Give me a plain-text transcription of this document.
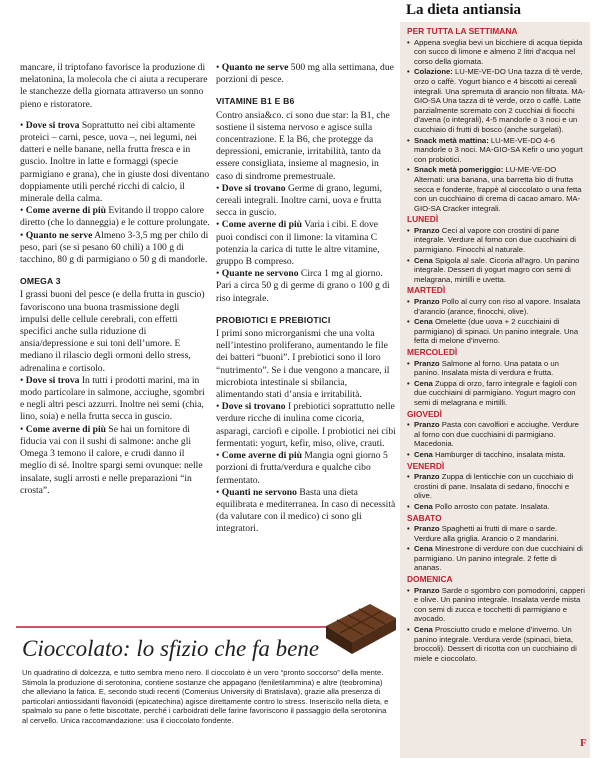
mancare, il triptofano favorisce la produzione di melatonina, la molecola che ci aiuta a recuperare le stanchezze della giornata attraverso un sonno pieno e ristoratore.

• Dove si trova Soprattutto nei cibi altamente proteici – carni, pesce, uova –, nei legumi, nei datteri e nelle banane, nella frutta fresca e in guscio. Inoltre in latte e formaggi (specie parmigiano e grana), che in giuste dosi diventano doppiamente utili perché ricchi di calcio, il minerale della calma.

• Come averne di più Evitando il troppo calore diretto (che lo danneggia) e le cotture prolungate.

• Quanto ne serve Almeno 3-3,5 mg per chilo di peso, pari (se si pesano 60 chili) a 100 g di tacchino, 80 g di parmigiano o 50 g di mandorle.

OMEGA 3

I grassi buoni del pesce (e della frutta in guscio) favoriscono una buona trasmissione degli impulsi delle cellule cerebrali, con effetti specifici anche sulla riduzione di ansia/depressione e sui toni dell’umore. E mediano il rilascio degli ormoni dello stress, adrenalina e cortisolo.

• Dove si trova In tutti i prodotti marini, ma in modo particolare in salmone, acciughe, sgombri e negli altri pesci azzurri. Inoltre nei semi (chia, lino, soia) e nella frutta secca in guscio.

• Come averne di più Se hai un fornitore di fiducia vai con il sushi di salmone: anche gli Omega 3 temono il calore, e crudi danno il meglio di sé. Inoltre spargi semi ovunque: nelle insalate, sugli arrosti e nelle preparazioni “in crosta”.

• Quanto ne serve 500 mg alla settimana, due porzioni di pesce.

VITAMINE B1 E B6

Contro ansia&co. ci sono due star: la B1, che sostiene il sistema nervoso e agisce sulla concentrazione. E la B6, che protegge da depressioni, emicranie, irritabilità, tanto da essere consigliata, insieme al magnesio, in caso di sindrome premestruale.

• Dove si trovano Germe di grano, legumi, cereali integrali. Inoltre carni, uova e frutta secca in guscio.

• Come averne di più Varia i cibi. E dove puoi condisci con il limone: la vitamina C potenzia la carica di tutte le altre vitamine, gruppo B compreso.

• Quante ne servono Circa 1 mg al giorno. Pari a circa 50 g di germe di grano o 100 g di riso integrale.

PROBIOTICI E PREBIOTICI

I primi sono microrganismi che una volta nell’intestino proliferano, aumentando le file dei batteri “buoni”. I prebiotici sono il loro “nutrimento”. Se i due vengono a mancare, il microbiota intestinale si sbilancia, alimentando stati d’ansia e irritabilità.

• Dove si trovano I prebiotici soprattutto nelle verdure ricche di inulina come cicoria, asparagi, carciofi e cipolle. I probiotici nei cibi fermentati: yogurt, kefir, miso, olive, crauti.

• Come averne di più Mangia ogni giorno 5 porzioni di frutta/verdura e qualche cibo fermentato.

• Quanti ne servono Basta una dieta equilibrata e mediterranea. In caso di necessità (da valutare con il medico) ci sono gli integratori.

La dieta antiansia
PER TUTTA LA SETTIMANA
• Appena sveglia bevi un bicchiere di acqua tiepida con succo di limone e almeno 2 litri d’acqua nel corso della giornata.
• Colazione: LU-ME-VE-DO Una tazza di tè verde, orzo o caffè. Yogurt bianco e 4 biscotti ai cereali integrali. Una spremuta di arancio non filtrata. MA-GIO-SA Una tazza di tè verde, orzo o caffè. Latte parzialmente scremato con 2 cucchiai di fiocchi d’avena (o integrali), 4-5 mandorle o 3 noci e un cucchiaio di frutti di bosco (anche surgelati).
• Snack metà mattina: LU-ME-VE-DO 4-6 mandorle o 3 noci. MA-GIO-SA Kefir o uno yogurt con probiotici.
• Snack metà pomeriggio: LU-ME-VE-DO Alternati: una banana, una barretta bio di frutta secca e fondente, frappè al cioccolato o una fetta con un cucchiaino di crema di cacao amaro. MA-GIO-SA Cracker integrali.
LUNEDÌ
• Pranzo Ceci al vapore con crostini di pane integrale. Verdure al forno con due cucchiaini di parmigiano. Finocchi al naturale.
• Cena Spigola al sale. Cicoria all’agro. Un panino integrale. Dessert di yogurt magro con semi di melagrana, mirtilli e uvetta.
MARTEDÌ
• Pranzo Pollo al curry con riso al vapore. Insalata d’arancio (arance, finocchi, olive).
• Cena Omelette (due uova + 2 cucchiaini di parmigiano) di spinaci. Un panino integrale. Una fetta di melone d’inverno.
MERCOLEDÌ
• Pranzo Salmone al forno. Una patata o un panino. Insalata mista di verdura e frutta.
• Cena Zuppa di orzo, farro integrale e fagioli con due cucchiaini di parmigiano. Yogurt magro con semi di melagrana e mirtilli.
GIOVEDÌ
• Pranzo Pasta con cavolfiori e acciughe. Verdure al forno con due cucchiaini di parmigiano. Macedonia.
• Cena Hamburger di tacchino, insalata mista.
VENERDÌ
• Pranzo Zuppa di lenticchie con un cucchiaio di crostini di pane. Insalata di sedano, finocchi e olive.
• Cena Pollo arrosto con patate. Insalata.
SABATO
• Pranzo Spaghetti ai frutti di mare o sarde. Verdure alla griglia. Arancio o 2 mandarini.
• Cena Minestrone di verdure con due cucchiaini di parmigiano. Un panino integrale. 2 fette di ananas.
DOMENICA
• Pranzo Sarde o sgombro con pomodorini, capperi e olive. Un panino integrale. Insalata verde mista con semi di zucca e tocchetti di parmigiano e avocado.
• Cena Prosciutto crudo e melone d’inverno. Un panino integrale. Verdura verde (spinaci, bieta, broccoli). Dessert di ricotta con un cucchiaino di miele e cioccolato.
F
Cioccolato: lo sfizio che fa bene
Un quadratino di dolcezza, e tutto sembra meno nero. Il cioccolato è un vero “pronto soccorso” della mente. Stimola la produzione di serotonina, contiene sostanze che appagano (feniletilammina) e altre (teobromina) che alleviano la fatica. E, secondo studi recenti (Comenius University di Bratislava), grazie alla presenza di particolari antiossidanti flavonoidi (epicatechina) agisce direttamente contro lo stress. Inseriscilo nella dieta, e spalmalo su pane o fette biscottate, perché i carboidrati delle farine favoriscono il passaggio della serotonina al cervello. Unica raccomandazione: usa il cioccolato fondente.
